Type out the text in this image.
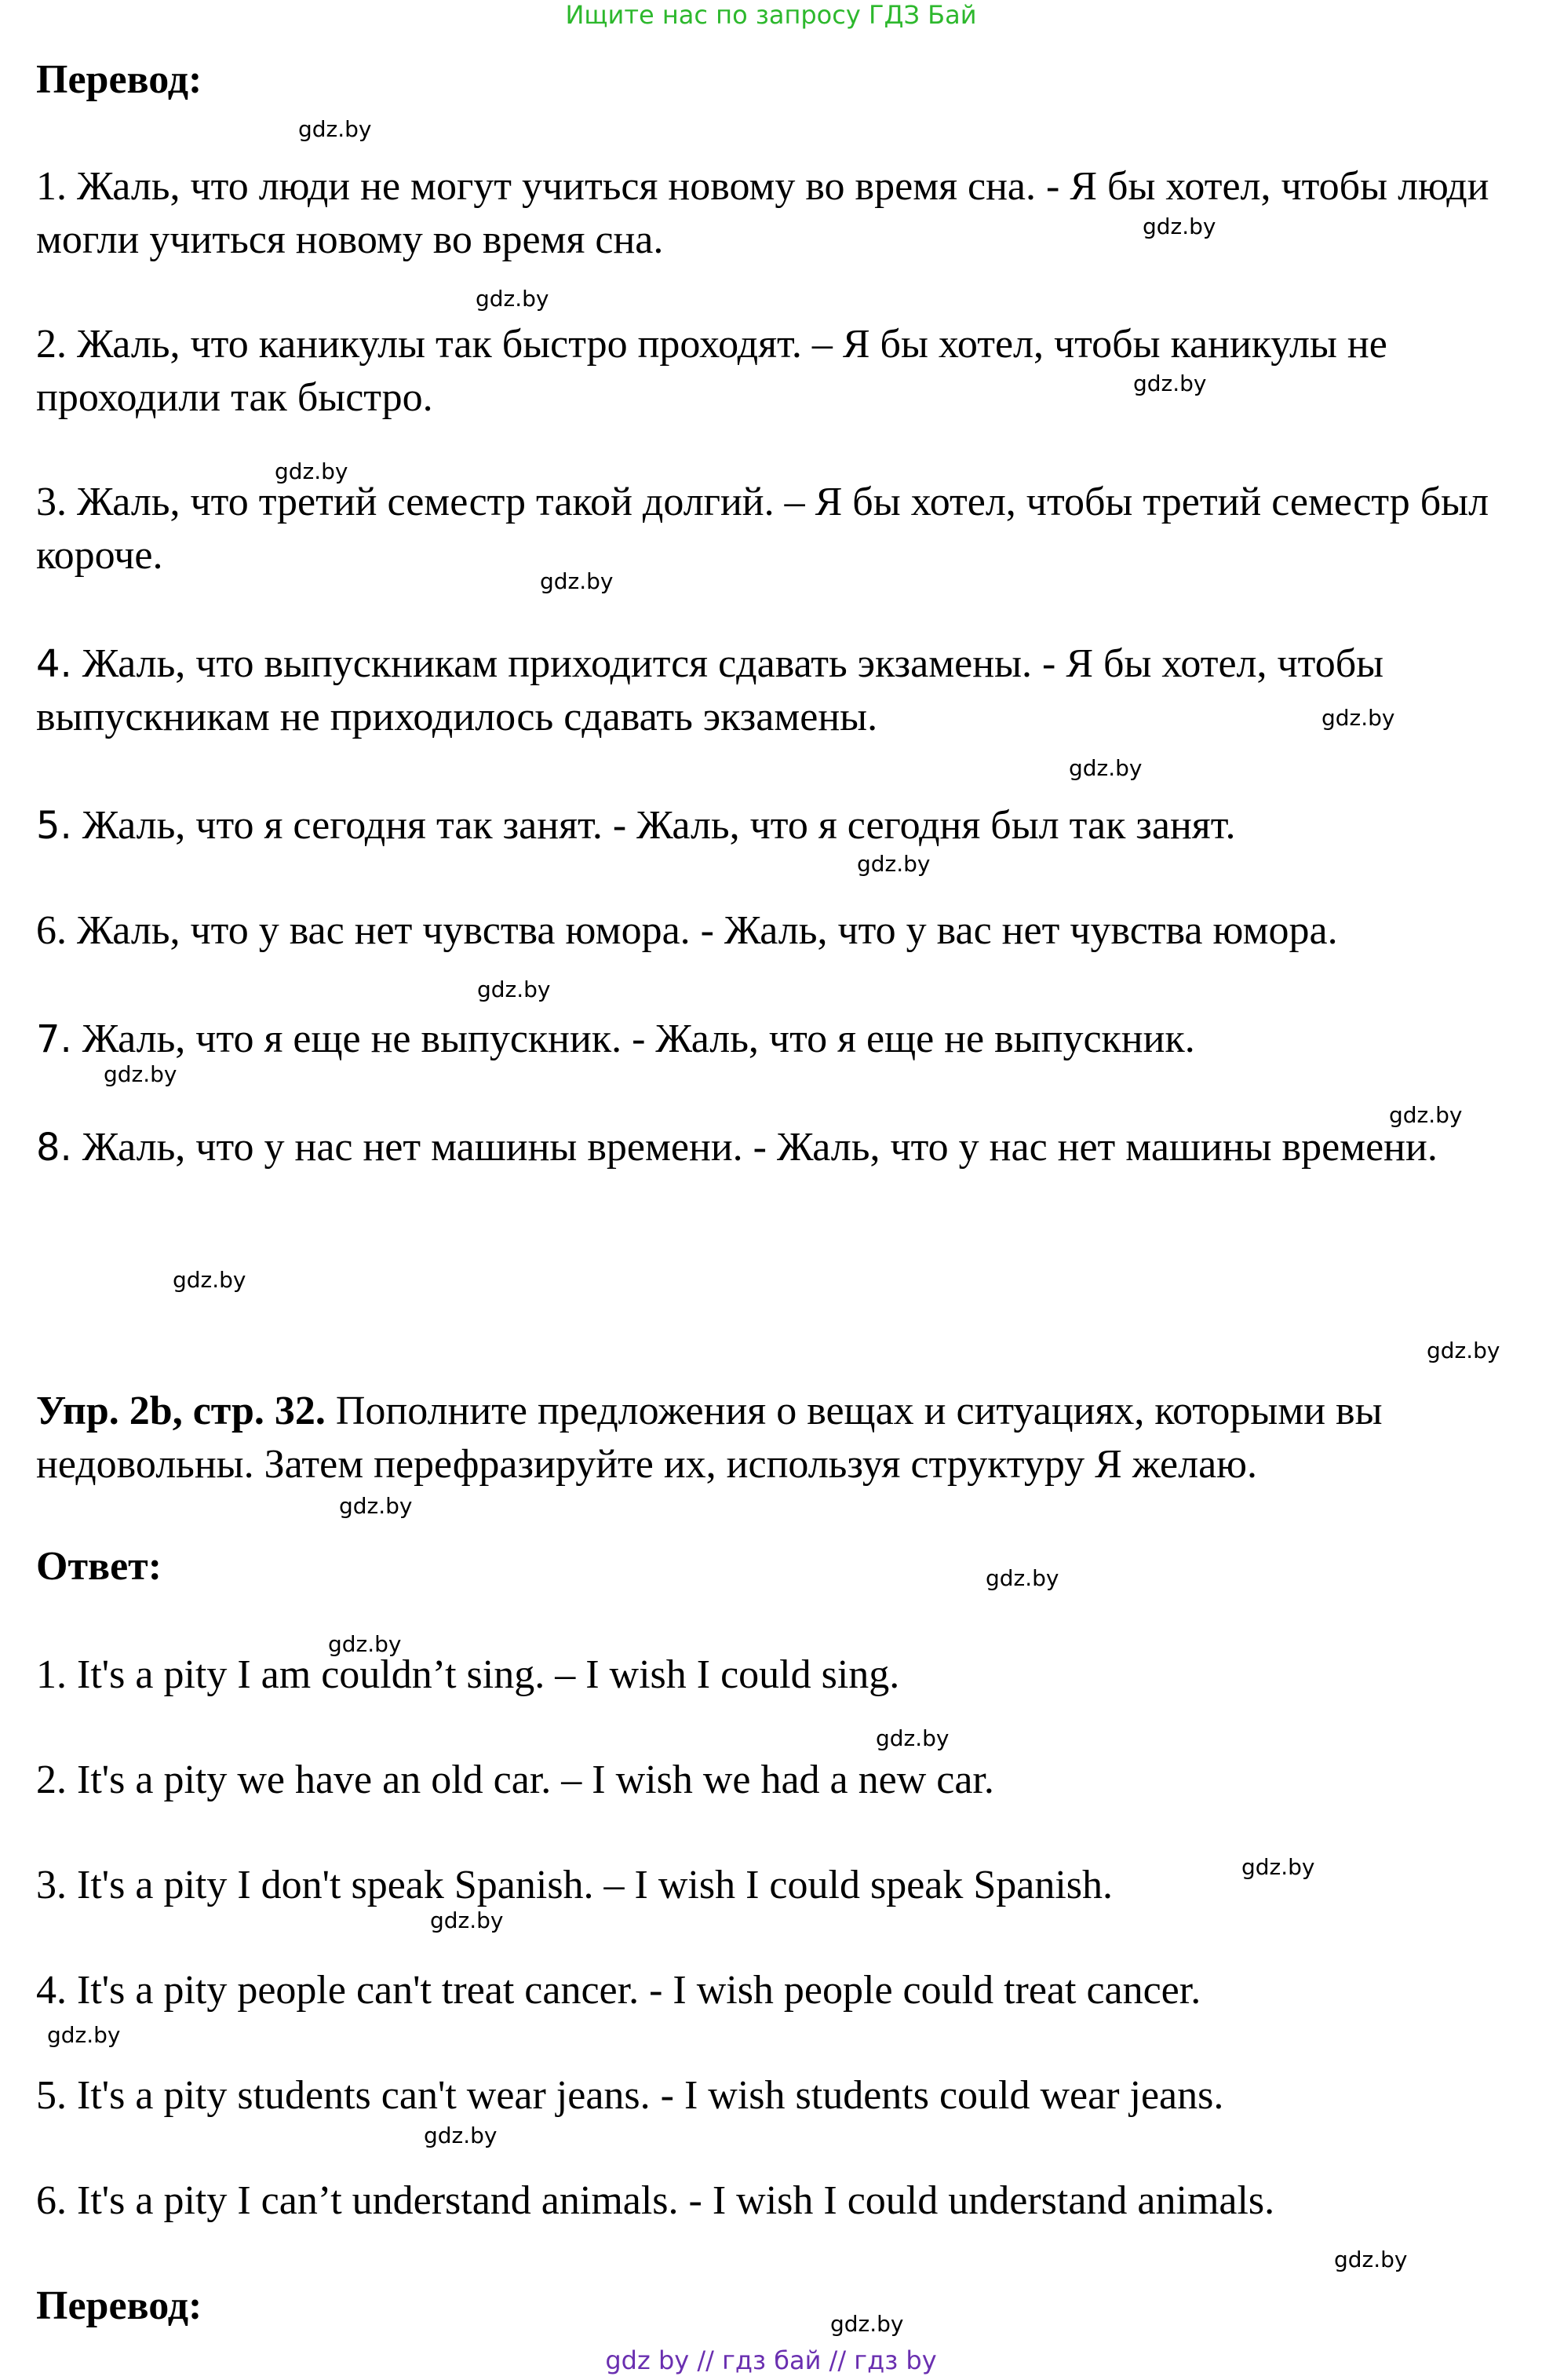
Ищите нас по запросу ГДЗ Бай
Перевод:
1. Жаль, что люди не могут учиться новому во время сна. - Я бы хотел, чтобы люди могли учиться новому во время сна.
2. Жаль, что каникулы так быстро проходят. – Я бы хотел, чтобы каникулы не проходили так быстро.
3. Жаль, что третий семестр такой долгий. – Я бы хотел, чтобы третий семестр был короче.
4. Жаль, что выпускникам приходится сдавать экзамены. - Я бы хотел, чтобы выпускникам не приходилось сдавать экзамены.
5. Жаль, что я сегодня так занят. - Жаль, что я сегодня был так занят.
6. Жаль, что у вас нет чувства юмора. - Жаль, что у вас нет чувства юмора.
7. Жаль, что я еще не выпускник. - Жаль, что я еще не выпускник.
8. Жаль, что у нас нет машины времени. - Жаль, что у нас нет машины времени.
Упр. 2b, стр. 32. Пополните предложения о вещах и ситуациях, которыми вы недовольны. Затем перефразируйте их, используя структуру Я желаю.
Ответ:
1. It's a pity I am couldn’t sing. – I wish I could sing.
2. It's a pity we have an old car. – I wish we had a new car.
3. It's a pity I don't speak Spanish. – I wish I could speak Spanish.
4. It's a pity people can't treat cancer. - I wish people could treat cancer.
5. It's a pity students can't wear jeans. - I wish students could wear jeans.
6. It's a pity I can’t understand animals. - I wish I could understand animals.
Перевод:
gdz.by
gdz.by
gdz.by
gdz.by
gdz.by
gdz.by
gdz.by
gdz.by
gdz.by
gdz.by
gdz.by
gdz.by
gdz.by
gdz.by
gdz.by
gdz.by
gdz.by
gdz.by
gdz.by
gdz.by
gdz.by
gdz.by
gdz.by
gdz.by
gdz by // гдз бай // гдз by
